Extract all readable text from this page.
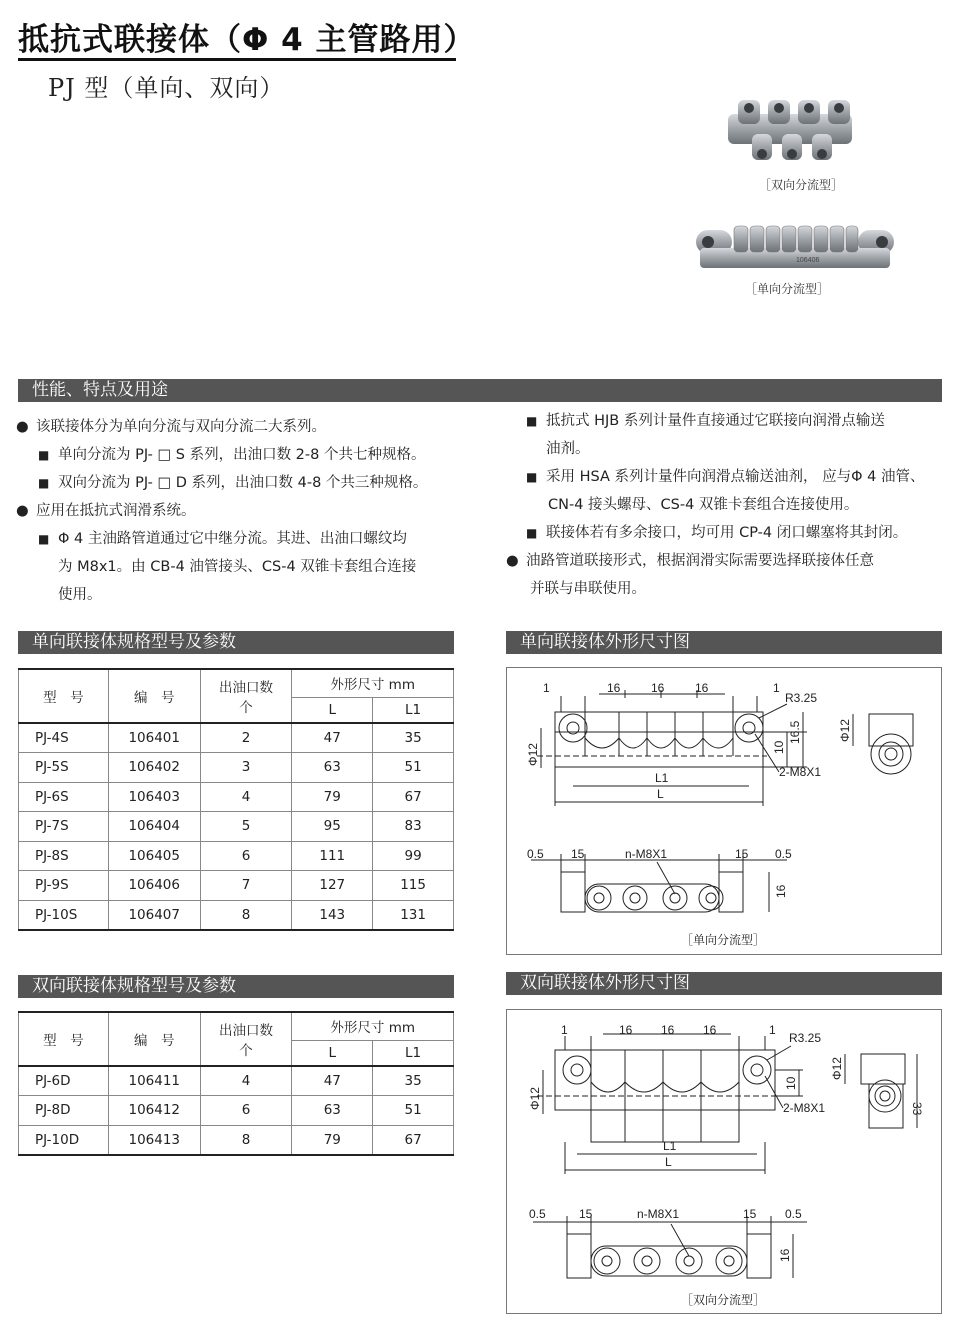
抵抗式联接体（Φ 4 主管路用）
PJ 型（单向、双向）
［双向分流型］
106406
［单向分流型］
性能、特点及用途
● 该联接体分为单向分流与双向分流二大系列。
■ 单向分流为 PJ- □ S 系列，出油口数 2-8 个共七种规格。
■ 双向分流为 PJ- □ D 系列，出油口数 4-8 个共三种规格。
● 应用在抵抗式润滑系统。
■ Φ 4 主油路管道通过它中继分流。其进、出油口螺纹均
为 M8x1。由 CB-4 油管接头、CS-4 双锥卡套组合连接
使用。
■ 抵抗式 HJB 系列计量件直接通过它联接向润滑点输送
油剂。
■ 采用 HSA 系列计量件向润滑点输送油剂， 应与Φ 4 油管、
CN-4 接头螺母、CS-4 双锥卡套组合连接使用。
■ 联接体若有多余接口，均可用 CP-4 闭口螺塞将其封闭。
● 油路管道联接形式，根据润滑实际需要选择联接体任意
并联与串联使用。
单向联接体规格型号及参数
型　号	编　号	出油口数
个	外形尺寸 mm	
			L	L1
PJ-4S	106401	2	47	35
PJ-5S	106402	3	63	51
PJ-6S	106403	4	79	67
PJ-7S	106404	5	95	83
PJ-8S	106405	6	111	99
PJ-9S	106406	7	127	115
PJ-10S	106407	8	143	131
双向联接体规格型号及参数
型　号	编　号	出油口数
个	外形尺寸 mm	
			L	L1
PJ-6D	106411	4	47	35
PJ-8D	106412	6	63	51
PJ-10D	106413	8	79	67
单向联接体外形尺寸图
1	16	16	16	1
R3.25
10
16.5
2-M8X1
Φ12
L1
L
Φ12
0.5 15	n-M8X1	15 0.5
16
［单向分流型］
双向联接体外形尺寸图
1	16 16 16	1
R3.25
10
2-M8X1
Φ12
L1
L
Φ12
33
0.5	15	n-M8X1	15 0.5
16
［双向分流型］
